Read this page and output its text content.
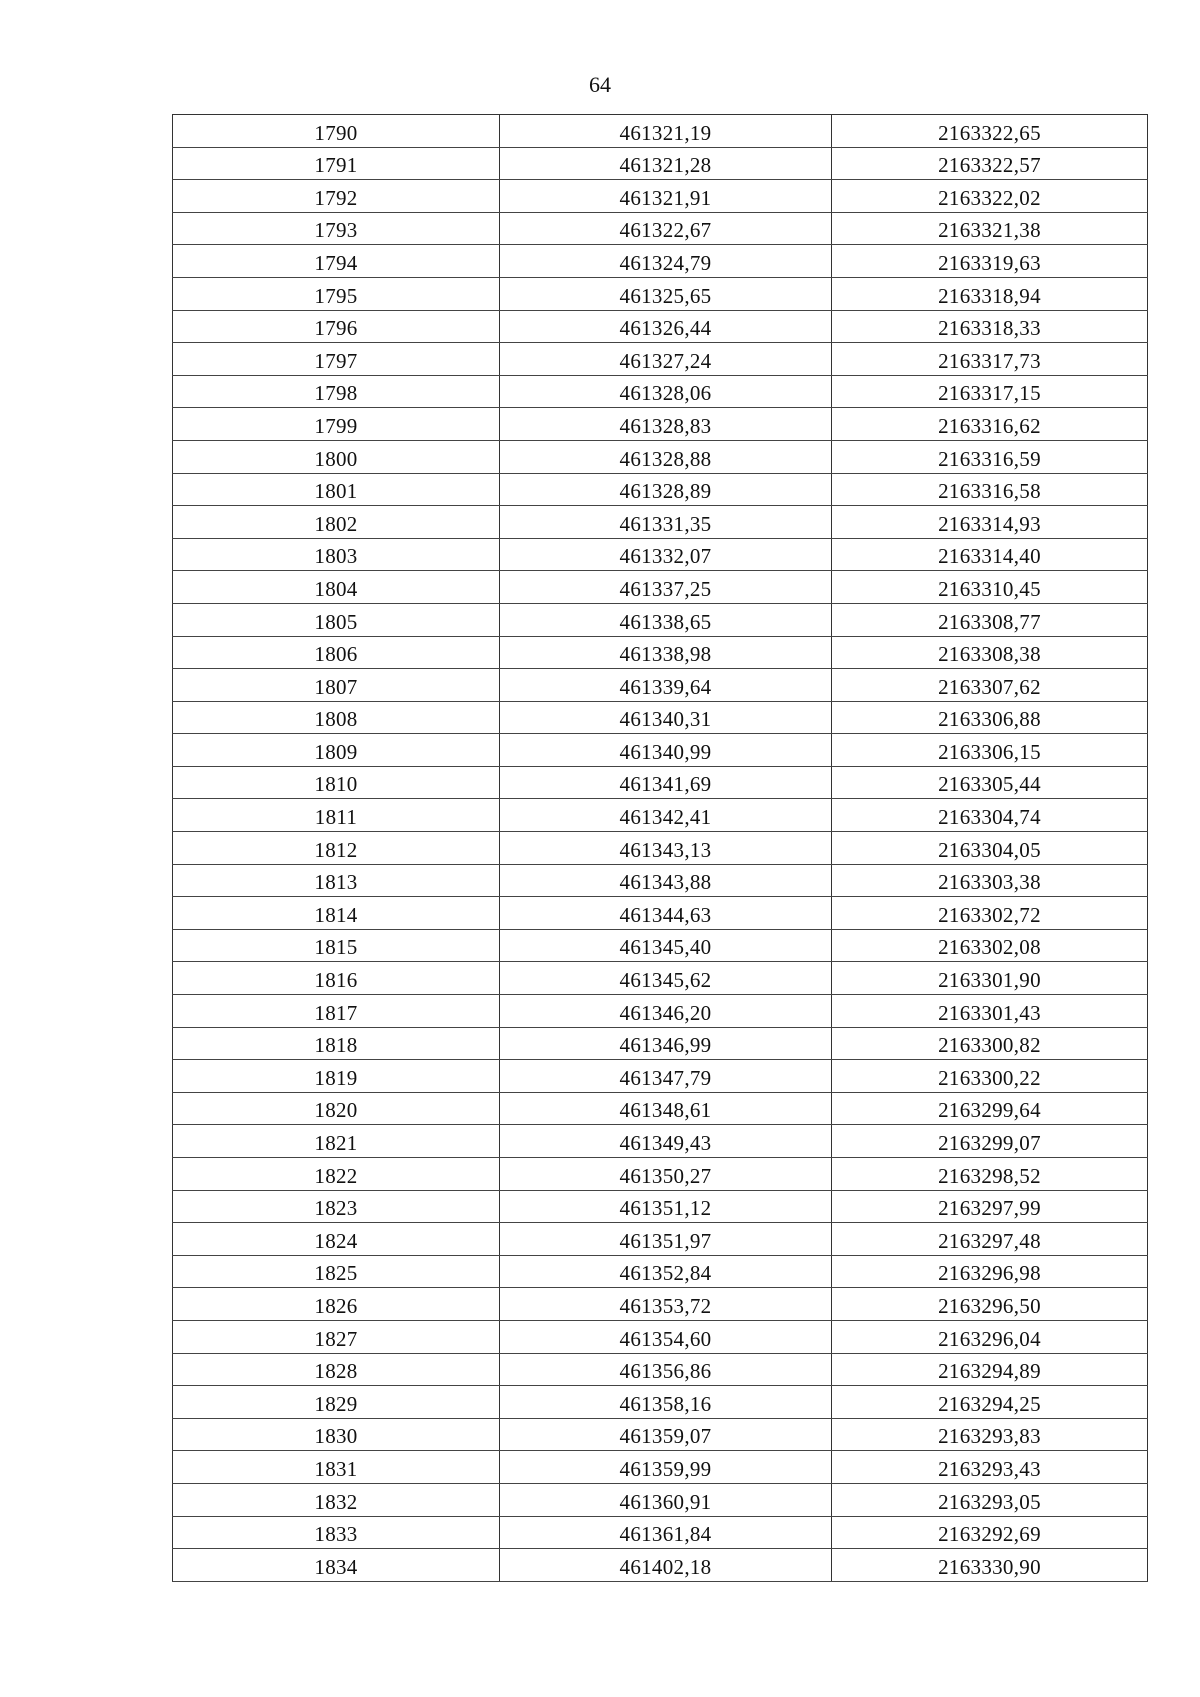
64
1790	461321,19	2163322,65
1791	461321,28	2163322,57
1792	461321,91	2163322,02
1793	461322,67	2163321,38
1794	461324,79	2163319,63
1795	461325,65	2163318,94
1796	461326,44	2163318,33
1797	461327,24	2163317,73
1798	461328,06	2163317,15
1799	461328,83	2163316,62
1800	461328,88	2163316,59
1801	461328,89	2163316,58
1802	461331,35	2163314,93
1803	461332,07	2163314,40
1804	461337,25	2163310,45
1805	461338,65	2163308,77
1806	461338,98	2163308,38
1807	461339,64	2163307,62
1808	461340,31	2163306,88
1809	461340,99	2163306,15
1810	461341,69	2163305,44
1811	461342,41	2163304,74
1812	461343,13	2163304,05
1813	461343,88	2163303,38
1814	461344,63	2163302,72
1815	461345,40	2163302,08
1816	461345,62	2163301,90
1817	461346,20	2163301,43
1818	461346,99	2163300,82
1819	461347,79	2163300,22
1820	461348,61	2163299,64
1821	461349,43	2163299,07
1822	461350,27	2163298,52
1823	461351,12	2163297,99
1824	461351,97	2163297,48
1825	461352,84	2163296,98
1826	461353,72	2163296,50
1827	461354,60	2163296,04
1828	461356,86	2163294,89
1829	461358,16	2163294,25
1830	461359,07	2163293,83
1831	461359,99	2163293,43
1832	461360,91	2163293,05
1833	461361,84	2163292,69
1834	461402,18	2163330,90
